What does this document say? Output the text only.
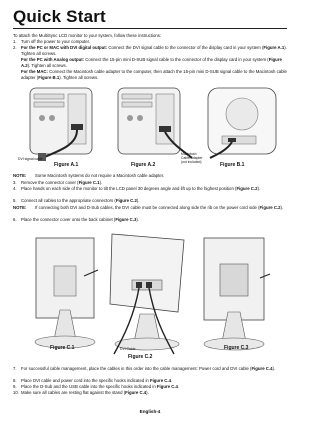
Quick Start
To attach the MultiSync LCD monitor to your system, follow these instructions:
1.	Turn off the power to your computer.
2.	For the PC or MAC with DVI digital output: Connect the DVI signal cable to the connector of the display card in your system (Figure A.1). Tighten all screws.
For the PC with Analog output: Connect the 15-pin mini D-SUB signal cable to the connector of the display card in your system (Figure A.2). Tighten all screws.
For the MAC: Connect the Macintosh cable adapter to the computer, then attach the 15-pin mini D-SUB signal cable to the Macintosh cable adapter (Figure B.1). Tighten all screws.
DVI signal cable
Figure A.1	Figure A.2
Macintosh
Cable Adapter
(not included)	Figure B.1
NOTE: Some Macintosh systems do not require a Macintosh cable adapter.
3.	Remove the connector cover (Figure C.1).
4.	Place hands on each side of the monitor to tilt the LCD panel 30 degrees angle and lift up to the highest position (Figure C.2).
5.	Connect all cables to the appropriate connectors (Figure C.2).
NOTE: If connecting both DVI and D-Sub cables, the DVI cable must be connected along side the rib on the power cord side (Figure C.2).
6.	Place the connector cover onto the back cabinet (Figure C.3).
Figure C.1	DVI Cable
Figure C.2
Figure C.3
7.	For successful cable management, place the cables in this order into the cable management: Power cord and DVI cable (Figure C.4).
8.	Place DVI cable and power cord into the specific hooks indicated in Figure C.4.
9.	Place the D-Sub and the USB cable into the specific hooks indicated in Figure C.4.
10. Make sure all cables are resting flat against the stand (Figure C.4).
English-4
